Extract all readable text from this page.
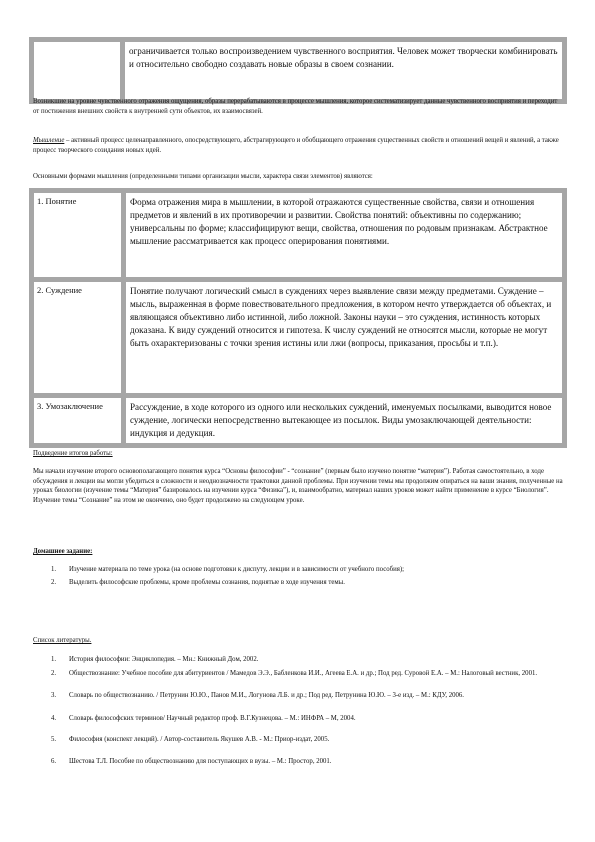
	ограничивается только воспроизведением чувственного восприятия. Человек может творчески комбинировать и относительно свободно создавать новые образы в своем сознании.
Возникшие на уровне чувственного отражения ощущения, образы перерабатываются в процессе мышления, которое систематизирует данные чувственного восприятия и переходит от постижения внешних свойств к внутренней сути объектов, их взаимосвязей.
Мышление – активный процесс целенаправленного, опосредствующего, абстрагирующего и обобщающего отражения существенных свойств и отношений вещей и явлений, а также процесс творческого созидания новых идей.
Основными формами мышления (определенными типами организации мысли, характера связи элементов) являются:
1. Понятие	Форма отражения мира в мышлении, в которой отражаются существенные свойства, связи и отношения предметов и явлений в их противоречии и развитии. Свойства понятий: объективны по содержанию; универсальны по форме; классифицируют вещи, свойства, отношения по родовым признакам. Абстрактное мышление рассматривается как процесс оперирования понятиями.
2. Суждение	Понятие получают логический смысл в суждениях через выявление связи между предметами. Суждение – мысль, выраженная в форме повествовательного предложения, в котором нечто утверждается об объектах, и являющаяся объективно либо истинной, либо ложной. Законы науки – это суждения, истинность которых доказана. К виду суждений относится и гипотеза. К числу суждений не относятся мысли, которые не могут быть охарактеризованы с точки зрения истины или лжи (вопросы, приказания, просьбы и т.п.).
3. Умозаключение	Рассуждение, в ходе которого из одного или нескольких суждений, именуемых посылками, выводится новое суждение, логически непосредственно вытекающее из посылок. Виды умозаключающей деятельности: индукция и дедукция.
Подведение итогов работы:
Мы начали изучение второго основополагающего понятия курса “Основы философии” - “сознание” (первым было изучено понятие “материя”). Работая самостоятельно, в ходе обсуждения и лекции вы могли убедиться в сложности и неоднозначности трактовки данной проблемы. При изучении темы мы продолжим опираться на ваши знания, полученные на уроках биологии (изучение темы “Материя” базировалось на изучении курса “Физика”), и, взаимообратно, материал наших уроков может найти применение в курсе “Биология”. Изучение темы “Сознание” на этом не окончено, оно будет продолжено на следующем уроке.
Домашнее задание:
1. Изучение материала по теме урока (на основе подготовки к диспуту, лекции и в зависимости от учебного пособия);
2. Выделить философские проблемы, кроме проблемы сознания, поднятые в ходе изучения темы.
Список литературы.
1. История философии: Энциклопедия. – Мн.: Книжный Дом, 2002.
2. Обществознание: Учебное пособие для абитуриентов / Мамедов Э.Э., Бабленкова И.И., Агеева Е.А. и др.; Под ред. Суровой Е.А. – М.: Налоговый вестник, 2001.
3. Словарь по обществознанию. / Петрунин Ю.Ю., Панов М.И., Логунова Л.Б. и др.; Под ред. Петрунина Ю.Ю. – 3-е изд. – М.: КДУ, 2006.
4. Словарь философских терминов/ Научный редактор проф. В.Г.Кузнецова. – М.: ИНФРА – М, 2004.
5. Философия (конспект лекций). / Автор-составитель Якушев А.В. - М.: Приор-издат, 2005.
6. Шестова Т.Л. Пособие по обществознанию для поступающих в вузы. – М.: Простор, 2001.
